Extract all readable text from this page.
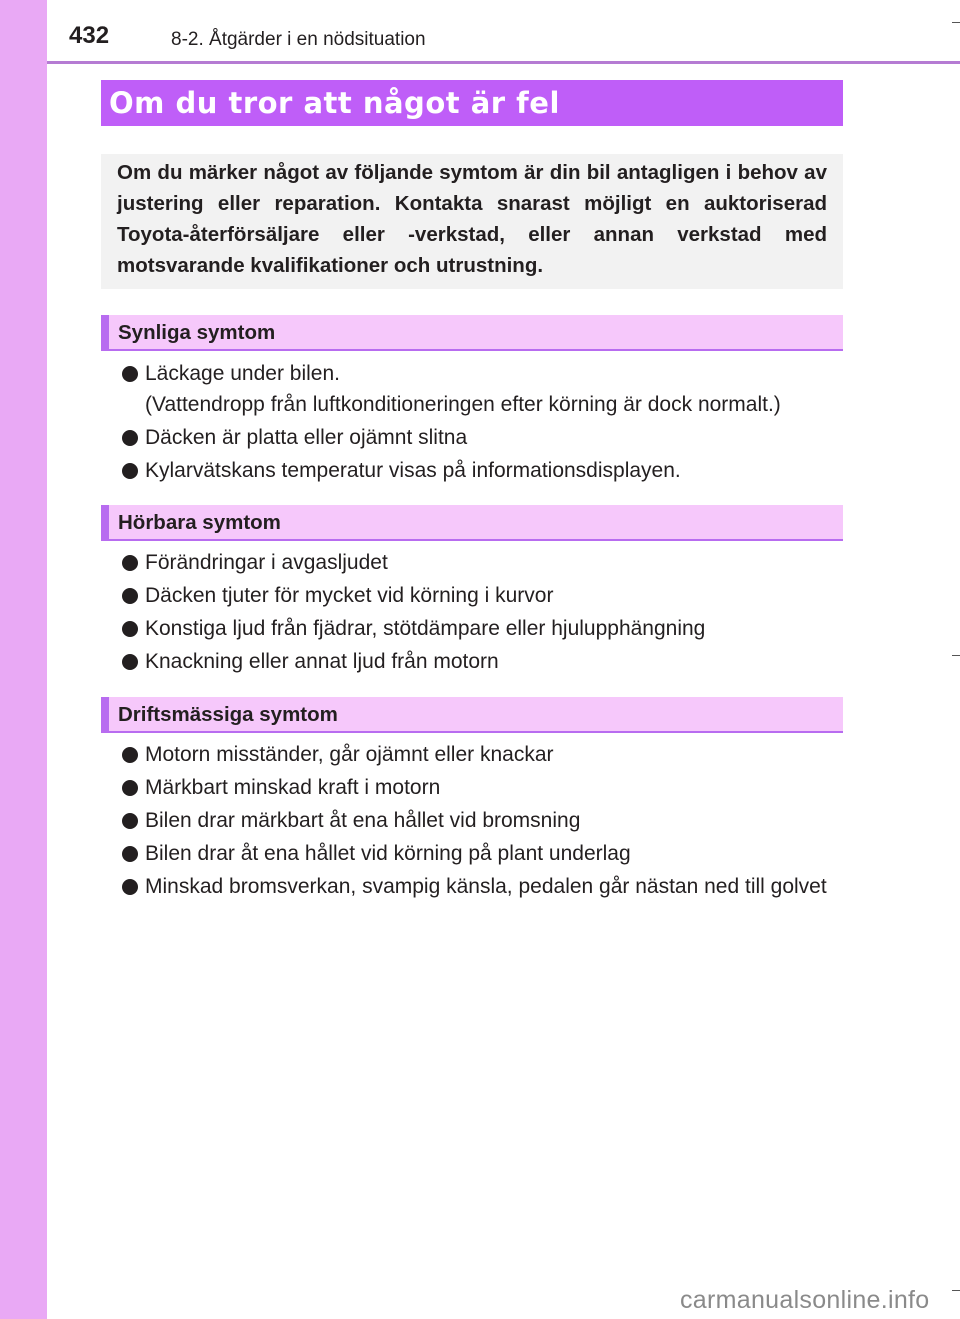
432	8-2. Åtgärder i en nödsituation
Om du tror att något är fel

Om du märker något av följande symtom är din bil antagligen i behov av justering eller reparation. Kontakta snarast möjligt en auktoriserad Toyota-återförsäljare eller -verkstad, eller annan verkstad med motsvarande kvalifikationer och utrustning.

Synliga symtom
Läckage under bilen.
(Vattendropp från luftkonditioneringen efter körning är dock normalt.)
Däcken är platta eller ojämnt slitna
Kylarvätskans temperatur visas på informationsdisplayen.
Hörbara symtom
Förändringar i avgasljudet
Däcken tjuter för mycket vid körning i kurvor
Konstiga ljud från fjädrar, stötdämpare eller hjulupphängning
Knackning eller annat ljud från motorn
Driftsmässiga symtom
Motorn misständer, går ojämnt eller knackar
Märkbart minskad kraft i motorn
Bilen drar märkbart åt ena hållet vid bromsning
Bilen drar åt ena hållet vid körning på plant underlag
Minskad bromsverkan, svampig känsla, pedalen går nästan ned till golvet
carmanualsonline.info
